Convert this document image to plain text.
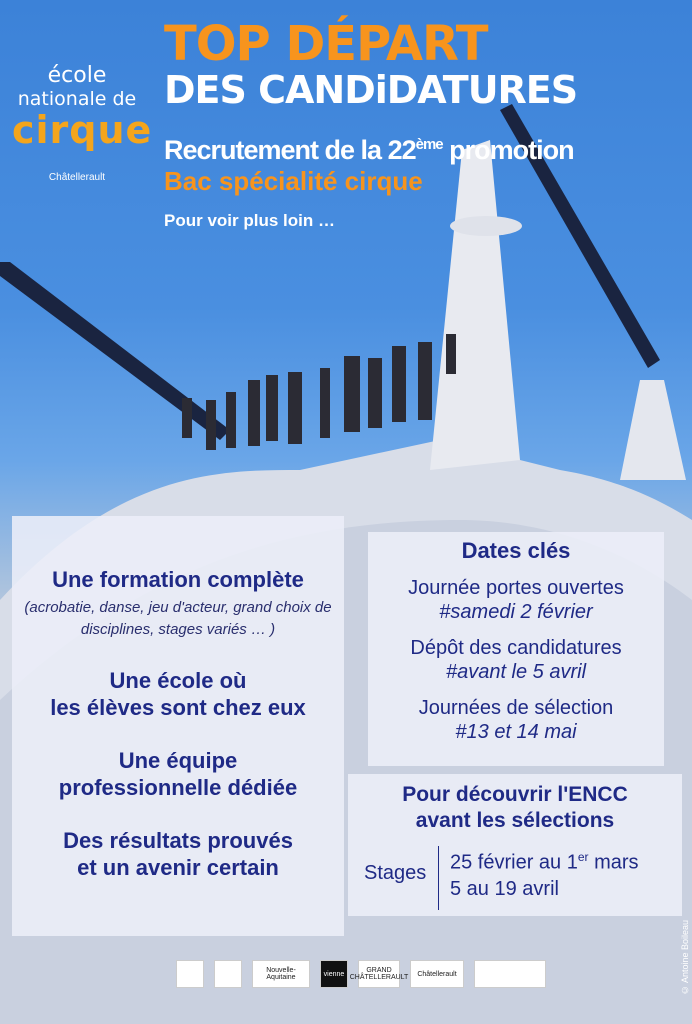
école
nationale de
cirque
Châtellerault
TOP DÉPART
DES CANDiDATURES
Recrutement de la 22ème promotion
Bac spécialité cirque
Pour voir plus loin …
Une formation complète
(acrobatie, danse, jeu d'acteur, grand choix de disciplines, stages variés … )
Une école où
les élèves sont chez eux
Une équipe
professionnelle dédiée
Des résultats prouvés
et un avenir certain
Dates clés
Journée portes ouvertes
#samedi 2 février
Dépôt des candidatures
#avant le 5 avril
Journées de sélection
#13 et 14 mai
Pour découvrir l'ENCC
avant les sélections
Stages 25 février au 1er mars
5 au 19 avril
© Antoine Boileau
Nouvelle-Aquitaine	vienne	GRAND CHÂTELLERAULT	Châtellerault
